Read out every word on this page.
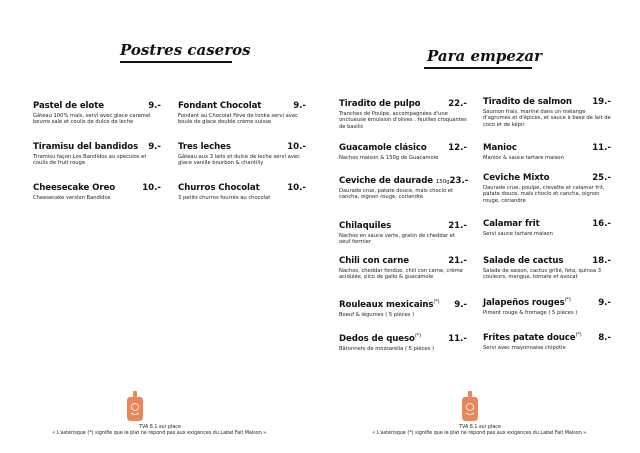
Postres caseros
Pastel de elote	9.-
Gâteau 100% maïs, servi avec glace caramel beurre salé et coulis de dulce de leche
Fondant Chocolat	9.-
Fondant au Chocolat Fève de tonka servi avec boule de glace double crème suisse
Tiramisu del bandidos 9.-
Tiramisu façon Los Bandidos au spéculos et coulis de fruit rouge
Tres leches	10.-
Gâteau aux 3 laits et dulce de leche servi avec glace vanille bourbon & chantilly
Cheesecake Oreo	10.-
Cheesecake version Bandidos
Churros Chocolat	10.-
3 petits churros fourrés au chocolat
TVA 8.1 sur place
« L'astérisque (*) signifie que le plat ne répond pas aux exigences du Label Fait Maison ».
Para empezar
Tiradito de pulpo	22.-
Tranches de Poulpe, accompagnées d'une onctueuse émulsion d'olives , feuilles croquantes de basilic
Tiradito de salmon 19.-
Saumon frais, mariné dans un mélange d'agrumes et d'épices, et sauce à base de lait de coco et de képir
Guacamole clásico	12.-
Nachos maison & 150g de Guacamole
Manioc	11.-
Manioc & sauce tartare maison
Ceviche de daurade 150g 23.-
Daurade crue, patate douce, maïs choclo et cancha, oignon rouge, coriandre
Ceviche Mixto	25.-
Daurade crue, poulpe, crevette et calamar frit, patate douce, maïs choclo et cancha, oignon rouge, coriandre
Chilaquiles	21.-
Nachos en sauce verte, gratin de cheddar et oeuf fermier
Calamar frit	16.-
Servi sauce tartare maison
Chili con carne	21.-
Nachos, cheddar fondue, chili con carne, crème acidulée, pico de gallo & guacamole
Salade de cactus	18.-
Salade de saison, cactus grillé, feta, quinoa 3 couleurs, mangue, tomate et avocat
Rouleaux mexicains(*) 9.-
Boeuf & légumes ( 5 pièces )
Jalapeños rouges(*)	9.-
Piment rouge & fromage ( 5 pièces )
Dedos de queso(*)	11.-
Bâtonnets de mozzarella ( 5 pièces )
Frites patate douce(*) 8.-
Servi avec mayonnaise chipotle
TVA 8.1 sur place
« L'astérisque (*) signifie que le plat ne répond pas aux exigences du Label Fait Maison ».
